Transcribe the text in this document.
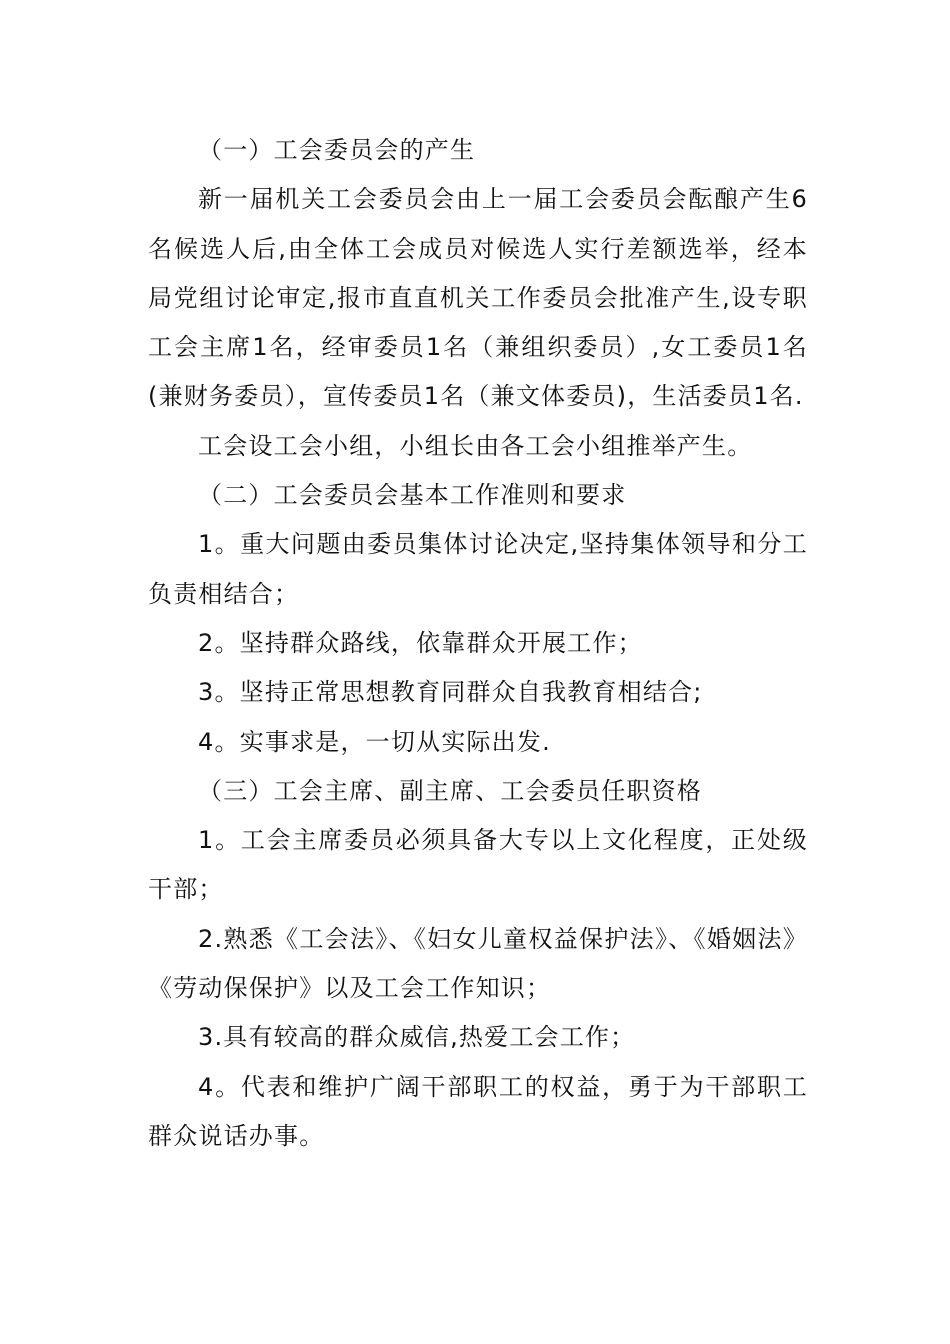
（一）工会委员会的产生

新一届机关工会委员会由上一届工会委员会酝酿产生6名候选人后,由全体工会成员对候选人实行差额选举，经本局党组讨论审定,报市直直机关工作委员会批准产生,设专职工会主席1名，经审委员1名（兼组织委员）,女工委员1名(兼财务委员），宣传委员1名（兼文体委员)，生活委员1名.

工会设工会小组，小组长由各工会小组推举产生。

（二）工会委员会基本工作准则和要求

1。重大问题由委员集体讨论决定,坚持集体领导和分工负责相结合；

2。坚持群众路线，依靠群众开展工作；

3。坚持正常思想教育同群众自我教育相结合;

4。实事求是，一切从实际出发.

（三）工会主席、副主席、工会委员任职资格

1。工会主席委员必须具备大专以上文化程度，正处级干部；

2.熟悉《工会法》、《妇女儿童权益保护法》、《婚姻法》《劳动保保护》以及工会工作知识；

3.具有较高的群众威信,热爱工会工作；

4。代表和维护广阔干部职工的权益，勇于为干部职工群众说话办事。
